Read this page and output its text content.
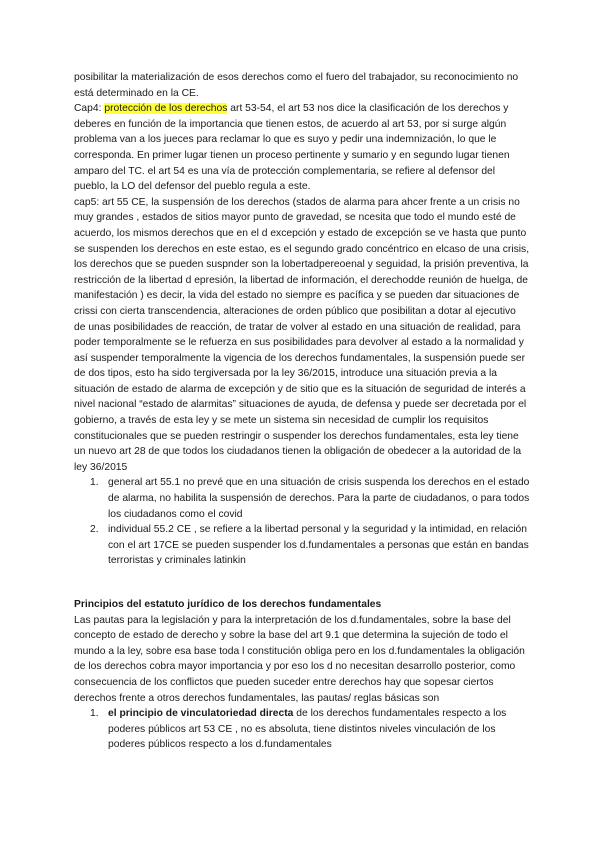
posibilitar la materialización de esos derechos como el fuero del trabajador, su reconocimiento no está determinado en la CE.

Cap4: protección de los derechos art 53-54, el art 53 nos dice la clasificación de los derechos y deberes en función de la importancia que tienen estos, de acuerdo al art 53, por si surge algún problema van a los jueces para reclamar lo que es suyo y pedir una indemnización, lo que le corresponda. En primer lugar tienen un proceso pertinente y sumario y en segundo lugar tienen amparo del TC. el art 54 es una vía de protección complementaria, se refiere al defensor del pueblo, la LO del defensor del pueblo regula a este.

cap5: art 55 CE, la suspensión de los derechos (stados de alarma para ahcer frente a un crisis no muy grandes , estados de sitios mayor punto de gravedad, se ncesita que todo el mundo esté de acuerdo, los mismos derechos que en el d excepción y estado de excepción se ve hasta que punto se suspenden los derechos en este estao, es el segundo grado concéntrico en elcaso de una crisis, los derechos que se pueden suspnder son la lobertadpereoenal y seguidad, la prisión preventiva, la restricción de la libertad d epresión, la libertad de información, el derechodde reunión de huelga, de manifestación ) es decir, la vida del estado no siempre es pacífica y se pueden dar situaciones de crissi con cierta transcendencia, alteraciones de orden público que posibilitan a dotar al ejecutivo de unas posibilidades de reacción, de tratar de volver al estado en una situación de realidad, para poder temporalmente se le refuerza en sus posibilidades para devolver al estado a la normalidad y así suspender temporalmente la vigencia de los derechos fundamentales, la suspensión puede ser de dos tipos, esto ha sido tergiversada por la ley 36/2015, introduce una situación previa a la situación de estado de alarma de excepción y de sitio que es la situación de seguridad de interés a nivel nacional “estado de alarmitas” situaciones de ayuda, de defensa y puede ser decretada por el gobierno, a través de esta ley y se mete un sistema sin necesidad de cumplir los requisitos constitucionales que se pueden restringir o suspender los derechos fundamentales, esta ley tiene un nuevo art 28 de que todos los ciudadanos tienen la obligación de obedecer a la autoridad de la ley 36/2015

1. general art 55.1 no prevé que en una situación de crisis suspenda los derechos en el estado de alarma, no habilita la suspensión de derechos. Para la parte de ciudadanos, o para todos los ciudadanos como el covid
2. individual 55.2 CE , se refiere a la libertad personal y la seguridad y la intimidad, en relación con el art 17CE se pueden suspender los d.fundamentales a personas que están en bandas terroristas y criminales latinkin

Principios del estatuto jurídico de los derechos fundamentales

Las pautas para la legislación y para la interpretación de los d.fundamentales, sobre la base del concepto de estado de derecho y sobre la base del art 9.1 que determina la sujeción de todo el mundo a la ley, sobre esa base toda l constitución obliga pero en los d.fundamentales la obligación de los derechos cobra mayor importancia y por eso los d no necesitan desarrollo posterior, como consecuencia de los conflictos que pueden suceder entre derechos hay que sopesar ciertos derechos frente a otros derechos fundamentales, las pautas/ reglas básicas son

1. el principio de vinculatoriedad directa de los derechos fundamentales respecto a los poderes públicos art 53 CE , no es absoluta, tiene distintos niveles vinculación de los poderes públicos respecto a los d.fundamentales
